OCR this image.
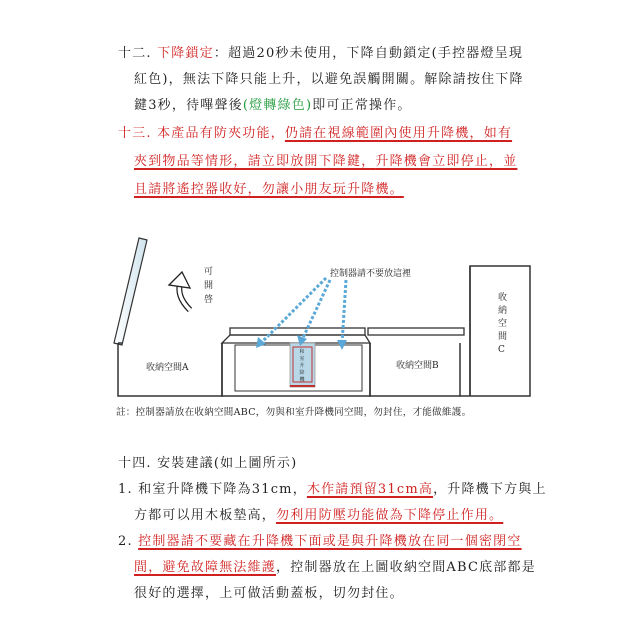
十二. 下降鎖定：超過20秒未使用，下降自動鎖定(手控器燈呈現
紅色)，無法下降只能上升，以避免誤觸開關。解除請按住下降
鍵3秒，待嗶聲後(燈轉綠色)即可正常操作。
十三. 本產品有防夾功能，仍請在視線範圍內使用升降機，如有
夾到物品等情形，請立即放開下降鍵，升降機會立即停止，並
且請將遙控器收好，勿讓小朋友玩升降機。
可
開
啓
收納空間A
和
室
升
降
機
控制器請不要放這裡
收納空間B
收
納
空
間
C
註：控制器請放在收納空間ABC，勿與和室升降機同空間，勿封住，才能做維護。
十四. 安裝建議(如上圖所示)
1. 和室升降機下降為31cm，木作請預留31cm高，升降機下方與上
方都可以用木板墊高，勿利用防壓功能做為下降停止作用。
2. 控制器請不要藏在升降機下面或是與升降機放在同一個密閉空
間，避免故障無法維護，控制器放在上圖收納空間ABC底部都是
很好的選擇，上可做活動蓋板，切勿封住。
